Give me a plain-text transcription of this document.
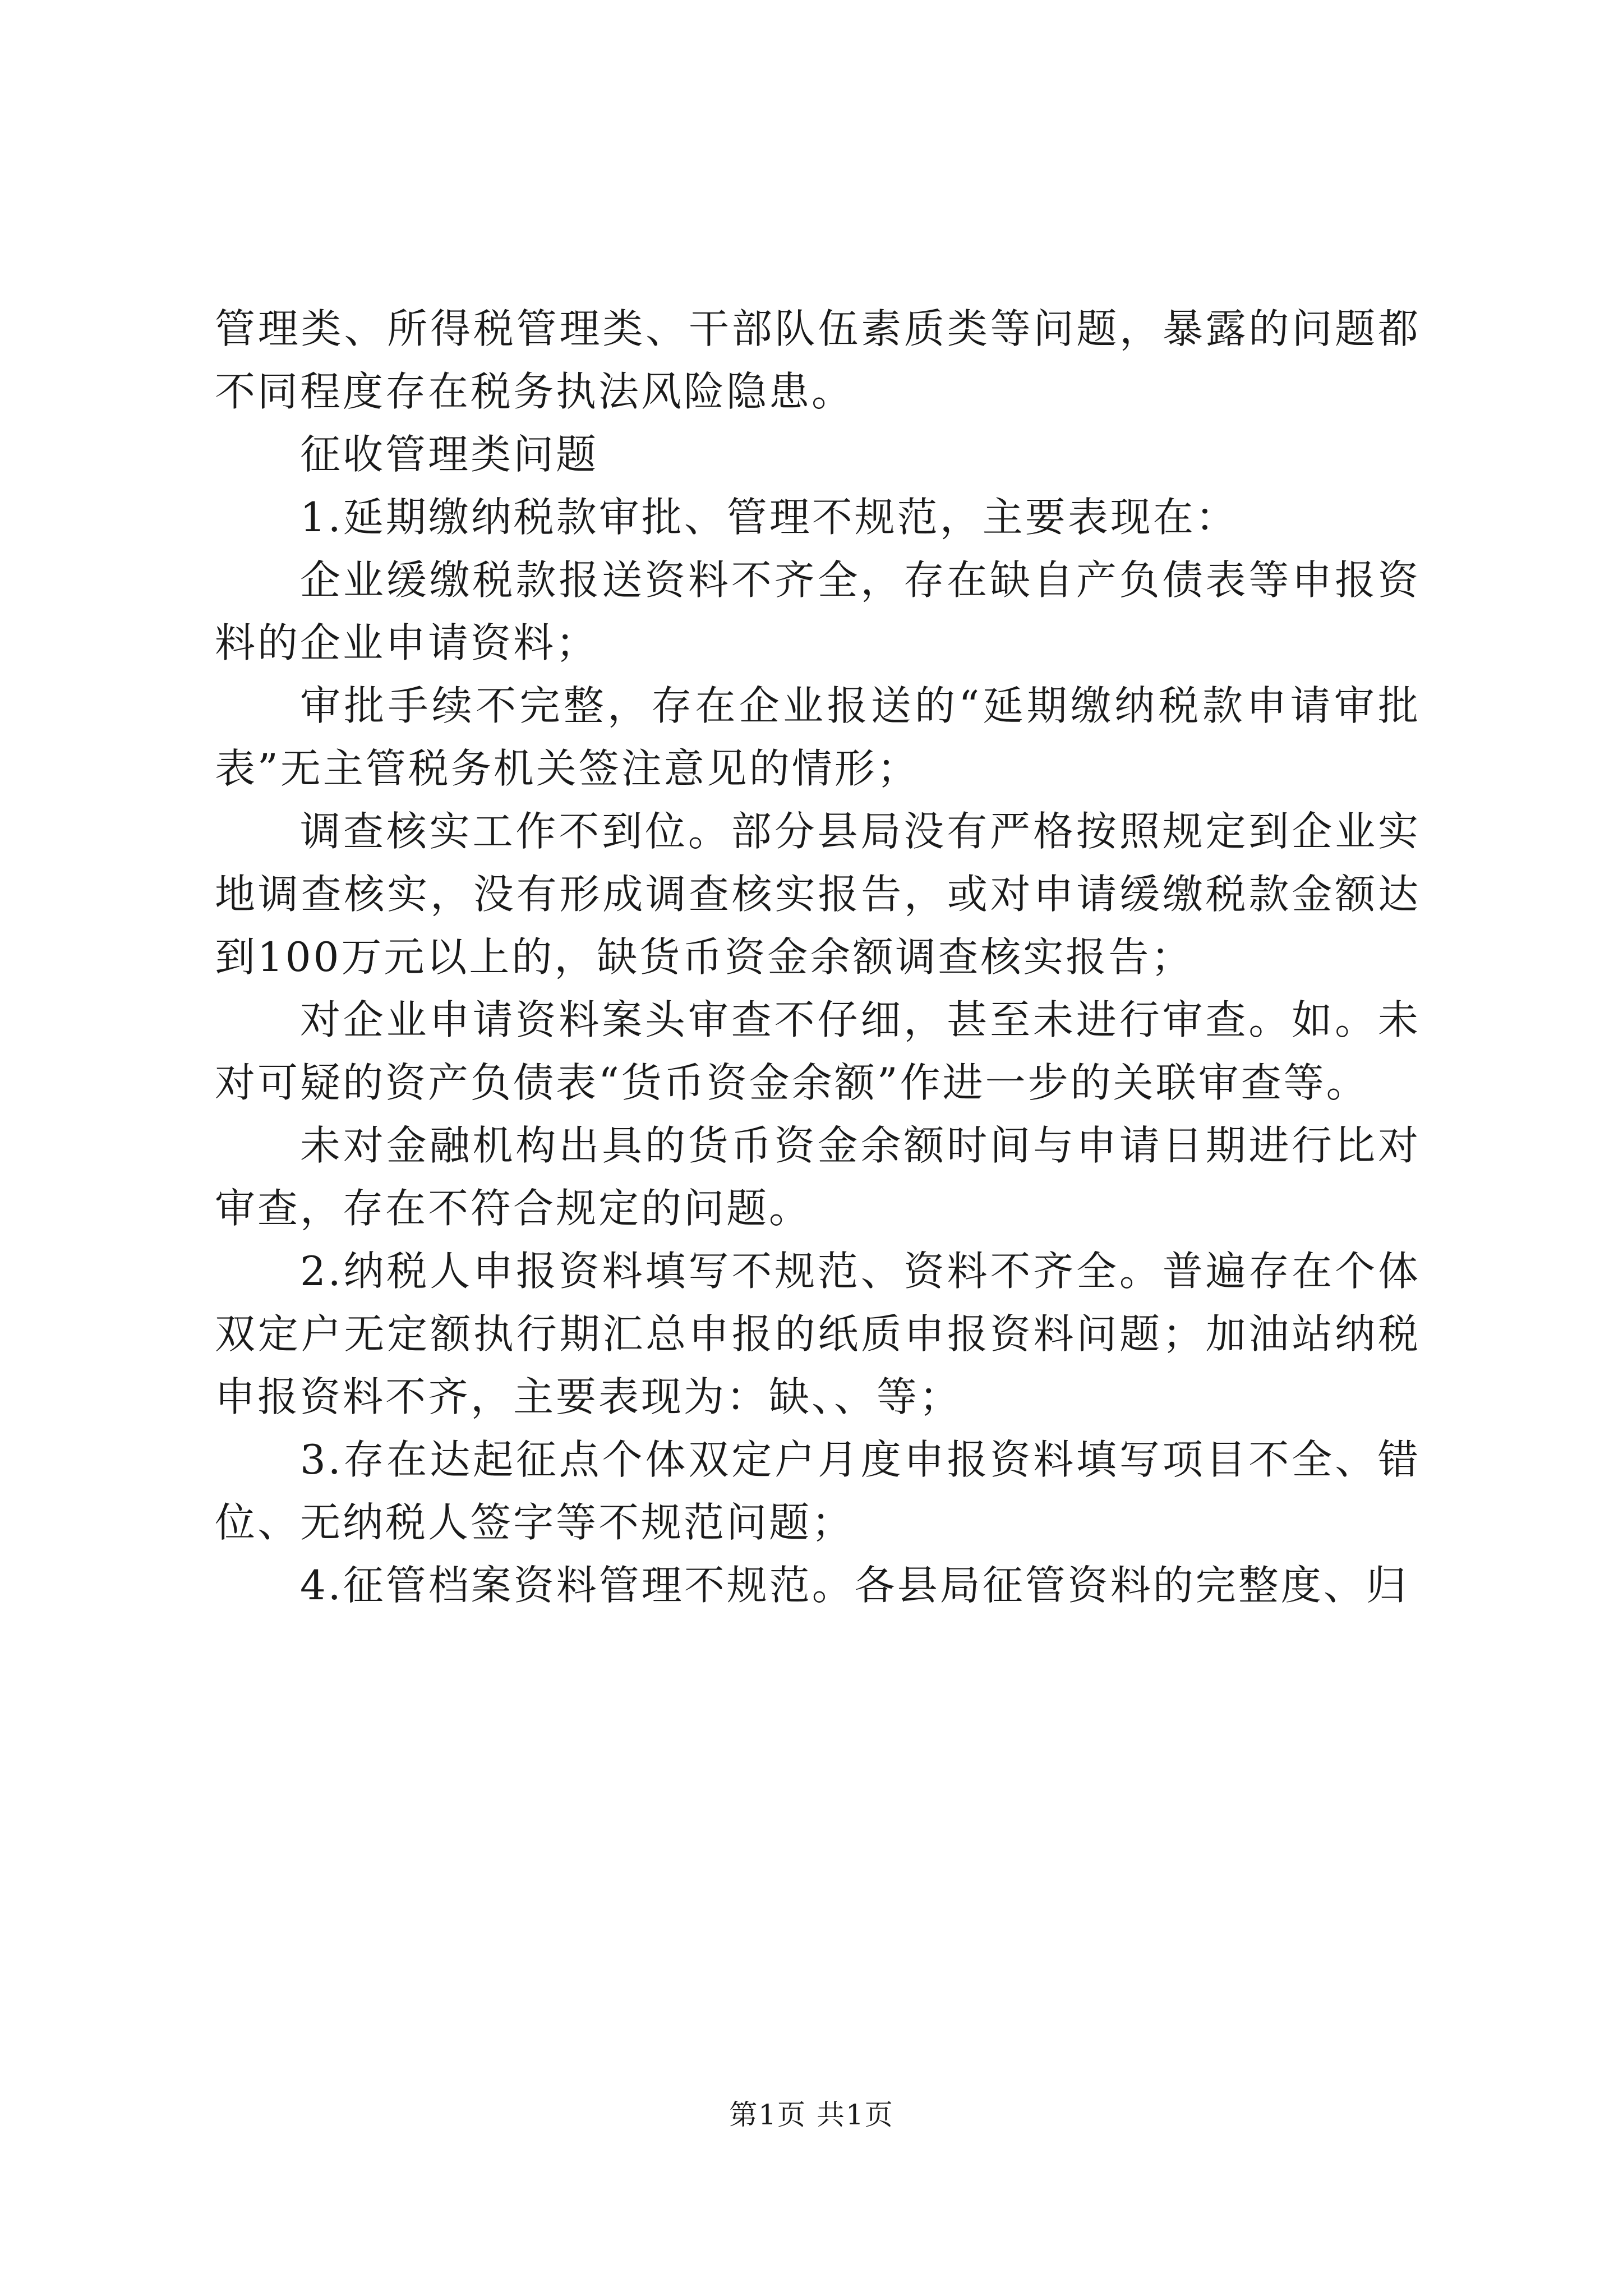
管理类、所得税管理类、干部队伍素质类等问题，暴露的问题都不同程度存在税务执法风险隐患。

征收管理类问题

1.延期缴纳税款审批、管理不规范，主要表现在：

企业缓缴税款报送资料不齐全，存在缺自产负债表等申报资料的企业申请资料；

审批手续不完整，存在企业报送的“延期缴纳税款申请审批表”无主管税务机关签注意见的情形；

调查核实工作不到位。部分县局没有严格按照规定到企业实地调查核实，没有形成调查核实报告，或对申请缓缴税款金额达到100万元以上的，缺货币资金余额调查核实报告；

对企业申请资料案头审查不仔细，甚至未进行审查。如。未对可疑的资产负债表“货币资金余额”作进一步的关联审查等。

未对金融机构出具的货币资金余额时间与申请日期进行比对审查，存在不符合规定的问题。

2.纳税人申报资料填写不规范、资料不齐全。普遍存在个体双定户无定额执行期汇总申报的纸质申报资料问题；加油站纳税申报资料不齐，主要表现为：缺、、等；

3.存在达起征点个体双定户月度申报资料填写项目不全、错位、无纳税人签字等不规范问题；

4.征管档案资料管理不规范。各县局征管资料的完整度、归

第1页 共1页
